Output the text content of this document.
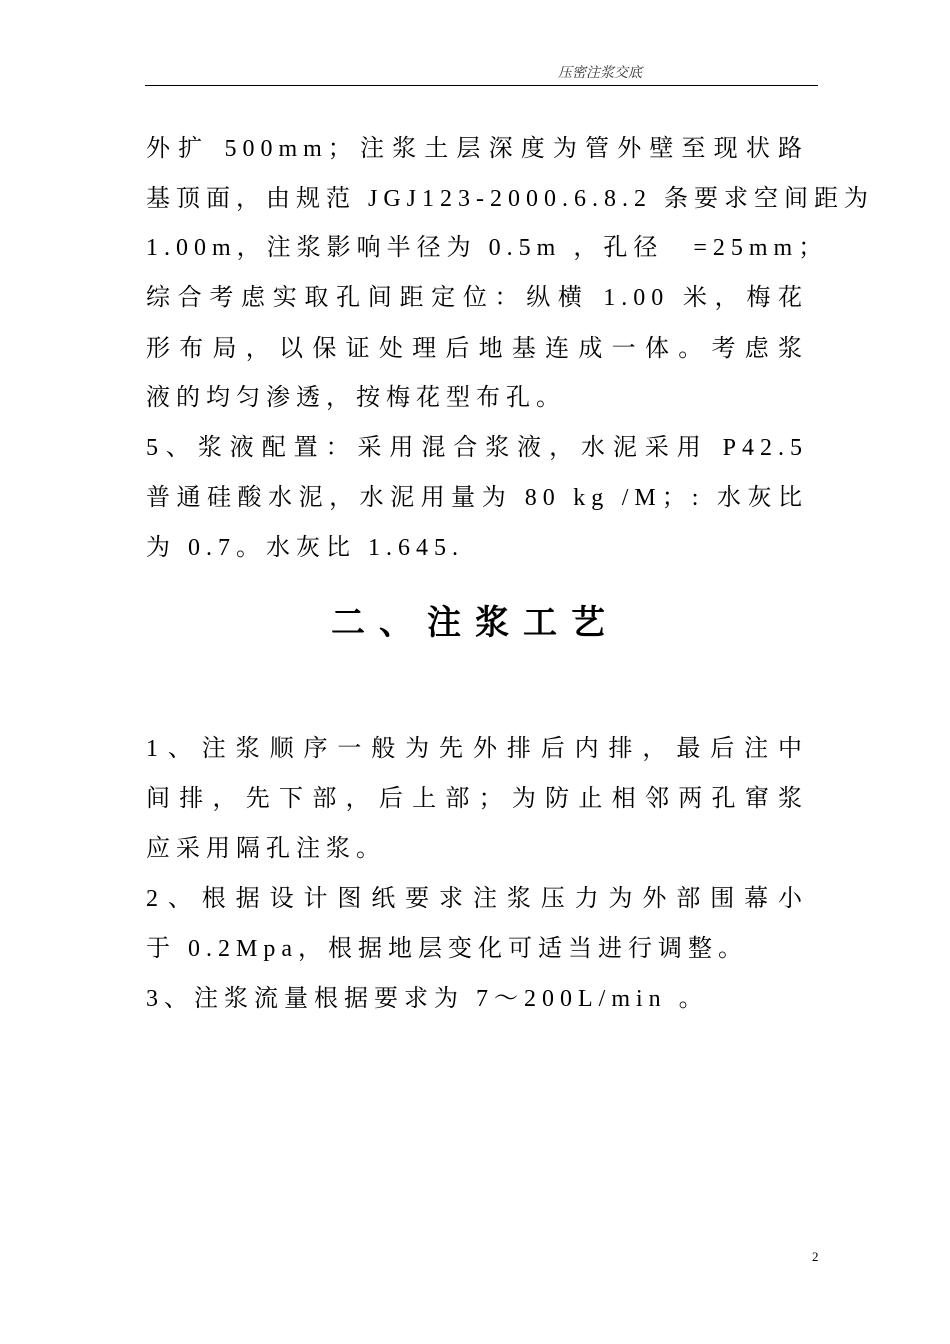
压密注浆交底
外扩 500mm；注浆土层深度为管外壁至现状路
基顶面，由规范 JGJ123-2000.6.8.2 条要求空间距为
1.00m，注浆影响半径为 0.5m ，孔径　=25mm；
综合考虑实取孔间距定位：纵横 1.00 米，梅花
形布局，以保证处理后地基连成一体。考虑浆
液的均匀渗透，按梅花型布孔。
5、浆液配置：采用混合浆液，水泥采用 P42.5
普通硅酸水泥，水泥用量为 80 kg /M；: 水灰比
为 0.7。水灰比 1.645.
二、注浆工艺
1、注浆顺序一般为先外排后内排，最后注中
间排，先下部，后上部；为防止相邻两孔窜浆
应采用隔孔注浆。
2、根据设计图纸要求注浆压力为外部围幕小
于 0.2Mpa，根据地层变化可适当进行调整。
3、注浆流量根据要求为 7～200L/min 。
2
